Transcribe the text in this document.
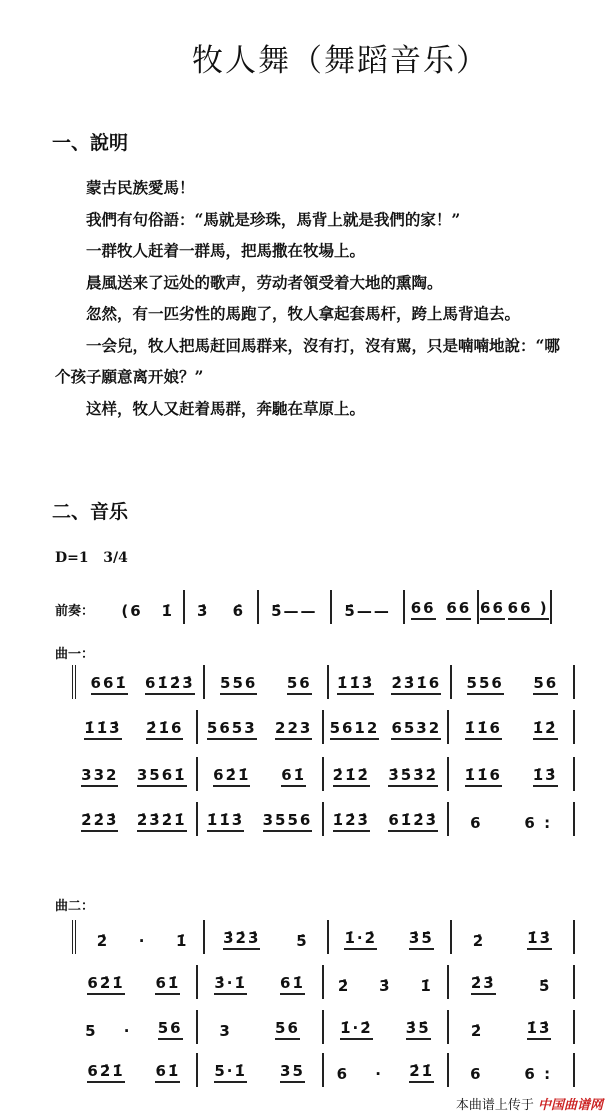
牧人舞（舞蹈音乐）
一、說明

蒙古民族愛馬！

我們有句俗語：“馬就是珍珠，馬背上就是我們的家！”

一群牧人赶着一群馬，把馬撒在牧場上。

晨風送来了远处的歌声，劳动者領受着大地的熏陶。

忽然，有一匹劣性的馬跑了，牧人拿起套馬杆，跨上馬背追去。

一会兒，牧人把馬赶回馬群来，沒有打，沒有駡，只是喃喃地說：“哪个孩子願意离开娘？”

这样，牧人又赶着馬群，奔馳在草原上。

二、音乐
D=1 3/4
前奏： (6 1̇ 3̇ 6̇ 5̇—— 5̇—— 66 66 66 66 )
曲一：
661̇ 61̇2̇3̇ 556 56 1̇1̇3̇ 2̇3̇1̇6 556 56
1̇1̇3̇ 2̇1̇6 5653 223 5612 6532 1̇1̇6 1̇2̇
332 3561̇ 62̇1̇ 61̇ 2̇1̇2̇ 3̇5̇3̇2̇ 1̇1̇6 1̇3̇
2̇2̇3̇ 2̇3̇2̇1̇ 1̇1̇3̇ 3556 1̇2̇3̇ 61̇2̇3̇ 6	6 :
曲二：
2̇ · 1̇ 3̇2̇3̇ 5̇ 1̇·2̇ 3̇5̇	2̇	1̇3̇
62̇1̇ 61̇ 3̇·1̇ 61̇ 2̇ 3̇ 1̇	2̇3̇	5̇
5 · 56 3	56	1̇·2̇ 3̇5̇	2̇	1̇3̇
62̇1̇ 61̇ 5·1̇ 35 6 · 2̇1̇ 6	6 :
本曲谱上传于 中国曲谱网
